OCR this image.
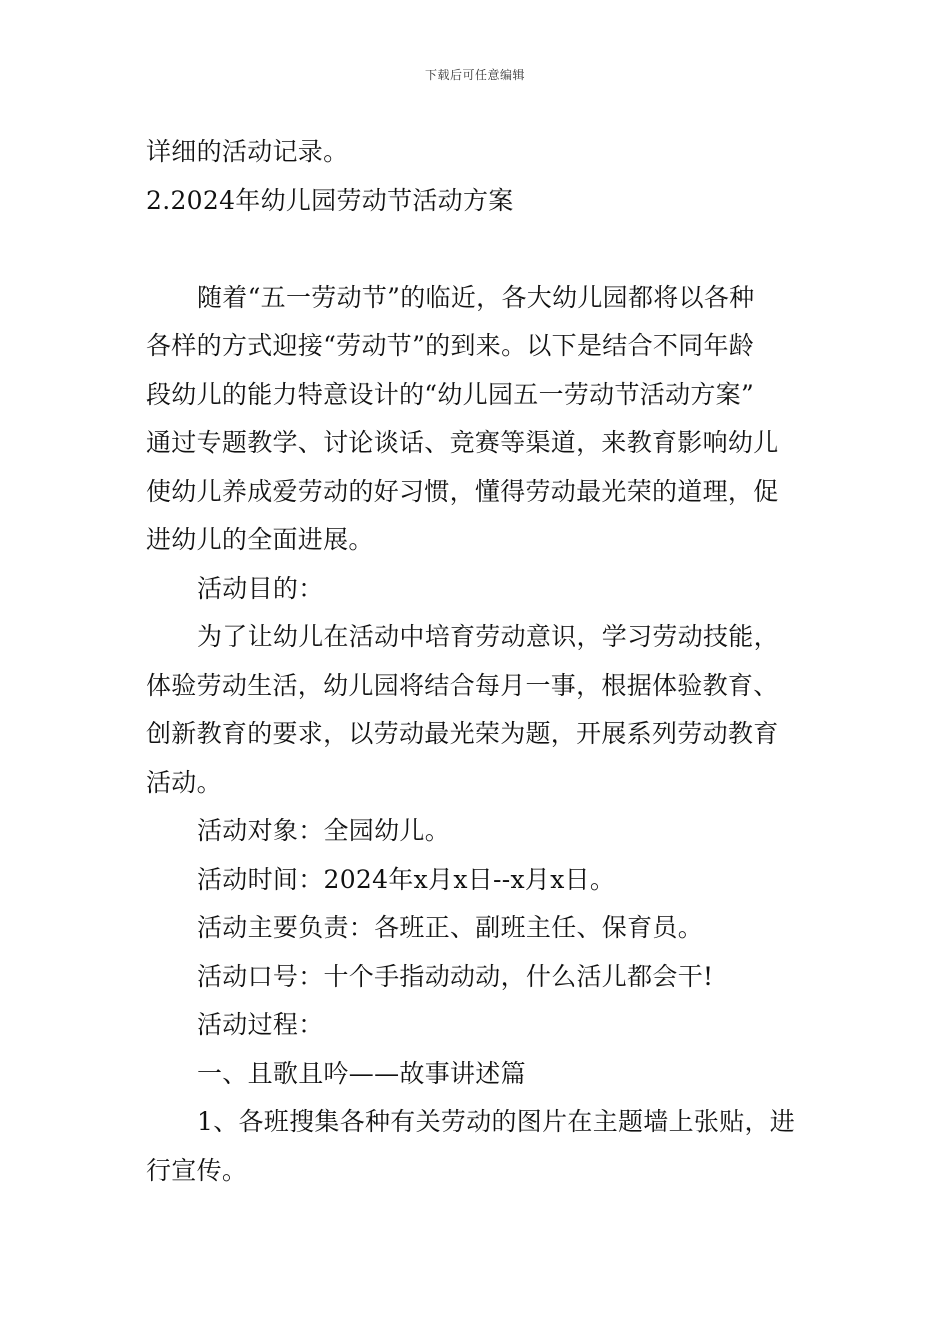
下载后可任意编辑
详细的活动记录。
2.2024年幼儿园劳动节活动方案
随着“五一劳动节”的临近，各大幼儿园都将以各种
各样的方式迎接“劳动节”的到来。以下是结合不同年龄
段幼儿的能力特意设计的“幼儿园五一劳动节活动方案”
通过专题教学、讨论谈话、竞赛等渠道，来教育影响幼儿
使幼儿养成爱劳动的好习惯，懂得劳动最光荣的道理，促
进幼儿的全面进展。
活动目的：
为了让幼儿在活动中培育劳动意识，学习劳动技能，
体验劳动生活，幼儿园将结合每月一事，根据体验教育、
创新教育的要求，以劳动最光荣为题，开展系列劳动教育
活动。
活动对象：全园幼儿。
活动时间：2024年x月x日--x月x日。
活动主要负责：各班正、副班主任、保育员。
活动口号：十个手指动动动，什么活儿都会干!
活动过程：
一、且歌且吟——故事讲述篇
1、各班搜集各种有关劳动的图片在主题墙上张贴，进
行宣传。
